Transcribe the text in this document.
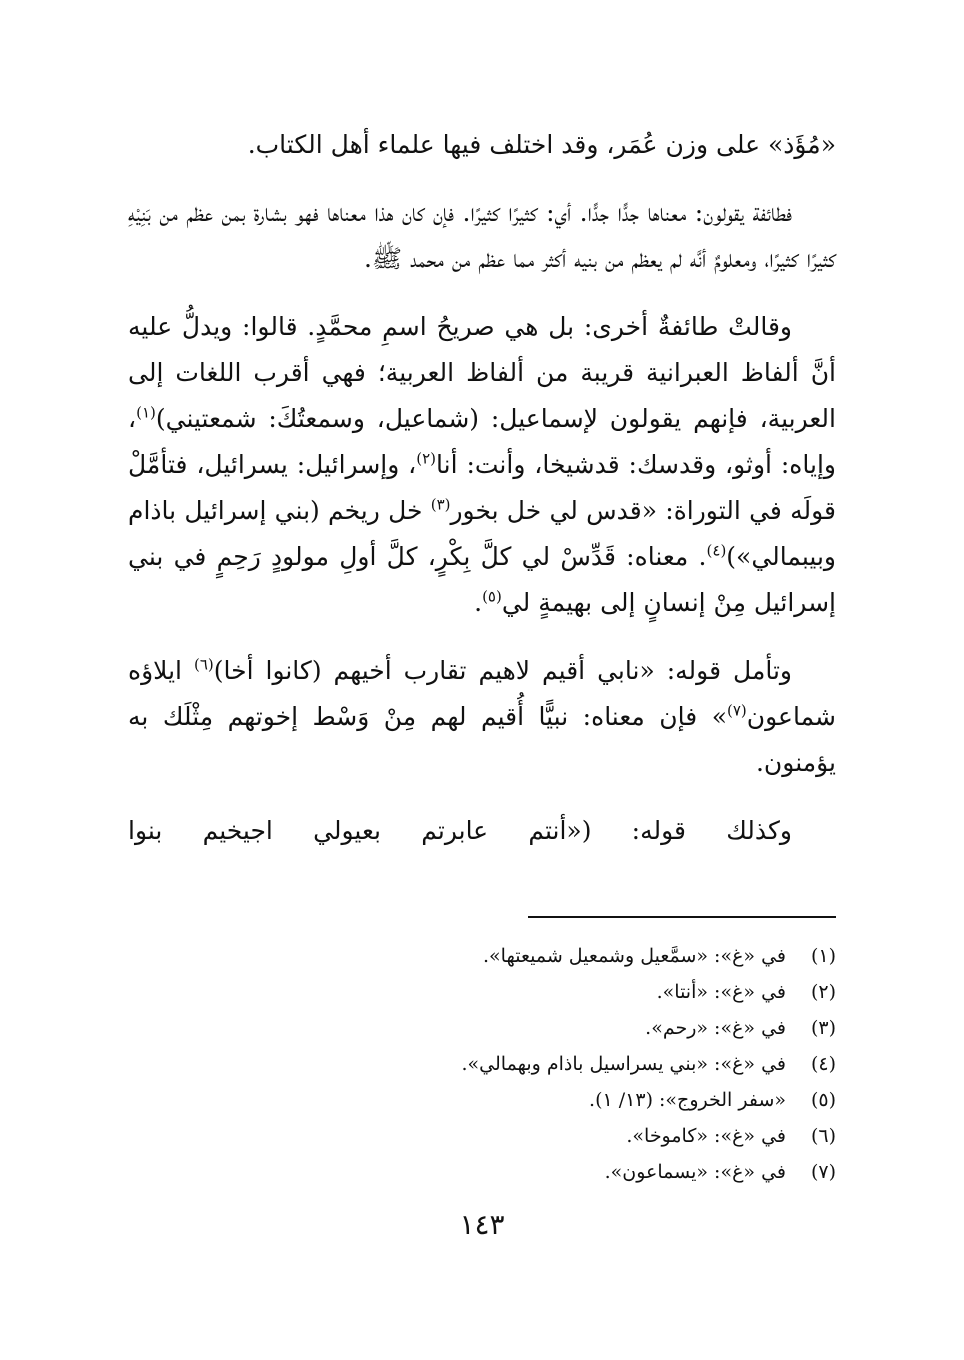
«مُؤَذ» على وزن عُمَر، وقد اختلف فيها علماء أهل الكتاب.

فطائفة يقولون: معناها جدًّا جدًّا. أي: كثيرًا كثيرًا. فإن كان هذا معناها فهو بشارة بمن عظم من بَنِيْهِ كثيرًا كثيرًا، ومعلومٌ أنَّه لم يعظم من بنيه أكثر مما عظم من محمد ﷺ.

وقالتْ طائفةٌ أخرى: بل هي صريحُ اسمِ محمَّدٍ. قالوا: ويدلُّ عليه أنَّ ألفاظ العبرانية قريبة من ألفاظ العربية؛ فهي أقرب اللغات إلى العربية، فإنهم يقولون لإسماعيل: (شماعيل، وسمعتُكَ: شمعتيني)$^{(١)}$، وإياه: أوثو، وقدسك: قدشيخا، وأنت: أنا$^{(٢)}$، وإسرائيل: يسرائيل، فتأمَّلْ قولَه في التوراة: «قدس لي خل بخور$^{(٣)}$ خل ريخم (بني إسرائيل باذام وبيبمالي»)$^{(٤)}$. معناه: قَدِّسْ لي كلَّ بِكْرٍ، كلَّ أولِ مولودٍ رَحِمٍ في بني إسرائيل مِنْ إنسانٍ إلى بهيمةٍ لي$^{(٥)}$.

وتأمل قوله: «نابي أقيم لاهيم تقارب أخيهم (كانوا أخا)$^{(٦)}$ ايلاؤه شماعون$^{(٧)}$» فإن معناه: نبيًّا أُقيم لهم مِنْ وَسْط إخوتهم مِثْلَك به يؤمنون.

وكذلك قوله: («أنتم عابرتم بعيولي اجيخيم بنوا

(١)
في «غ»: «سمَّعيل وشمعيل شميعتها».
(٢)
في «غ»: «أنتا».
(٣)
في «غ»: «رحم».
(٤)
في «غ»: «بني يسراسيل باذام وبهمالي».
(٥)
«سفر الخروج»: (١٣/ ١).
(٦)
في «غ»: «كاموخا».
(٧)
في «غ»: «يسماعون».
١٤٣
